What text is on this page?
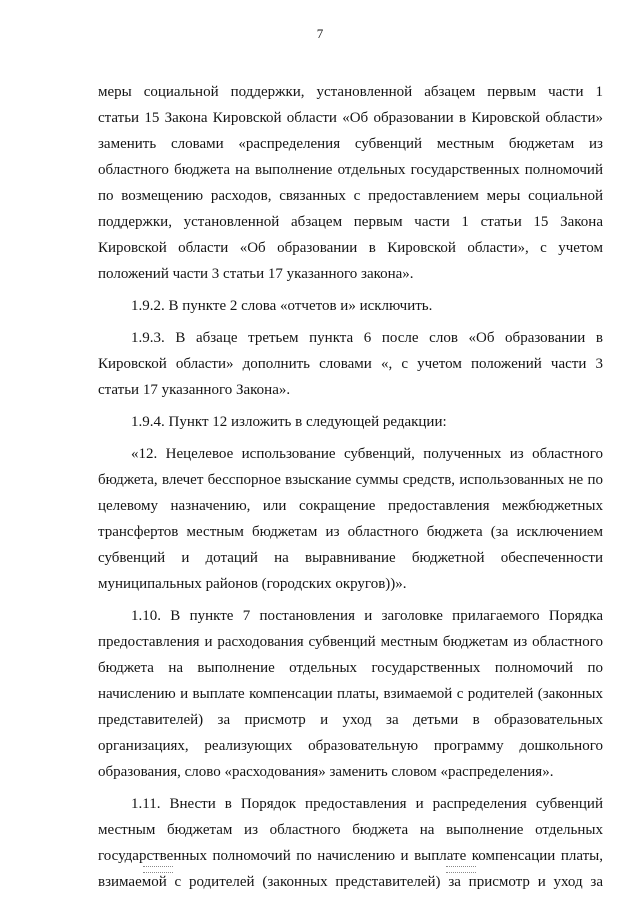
7
меры социальной поддержки, установленной абзацем первым части 1
статьи 15 Закона Кировской области «Об образовании в Кировской области»
заменить словами «распределения субвенций местным бюджетам из
областного бюджета на выполнение отдельных государственных полномочий
по возмещению расходов, связанных с предоставлением меры социальной
поддержки, установленной абзацем первым части 1 статьи 15 Закона
Кировской области «Об образовании в Кировской области», с учетом
положений части 3 статьи 17 указанного закона».
1.9.2. В пункте 2 слова «отчетов и» исключить.
1.9.3. В абзаце третьем пункта 6 после слов «Об образовании в
Кировской области» дополнить словами «, с учетом положений части 3
статьи 17 указанного Закона».
1.9.4. Пункт 12 изложить в следующей редакции:
«12. Нецелевое использование субвенций, полученных из областного
бюджета, влечет бесспорное взыскание суммы средств, использованных не по
целевому назначению, или сокращение предоставления межбюджетных
трансфертов местным бюджетам из областного бюджета (за исключением
субвенций и дотаций на выравнивание бюджетной обеспеченности
муниципальных районов (городских округов))».
1.10. В пункте 7 постановления и заголовке прилагаемого Порядка
предоставления и расходования субвенций местным бюджетам из областного
бюджета на выполнение отдельных государственных полномочий по
начислению и выплате компенсации платы, взимаемой с родителей (законных
представителей) за присмотр и уход за детьми в образовательных
организациях, реализующих образовательную программу дошкольного
образования, слово «расходования» заменить словом «распределения».
1.11. Внести в Порядок предоставления и распределения субвенций
местным бюджетам из областного бюджета на выполнение отдельных
государственных полномочий по начислению и выплате компенсации платы,
взимаемой с родителей (законных представителей) за присмотр и уход за
